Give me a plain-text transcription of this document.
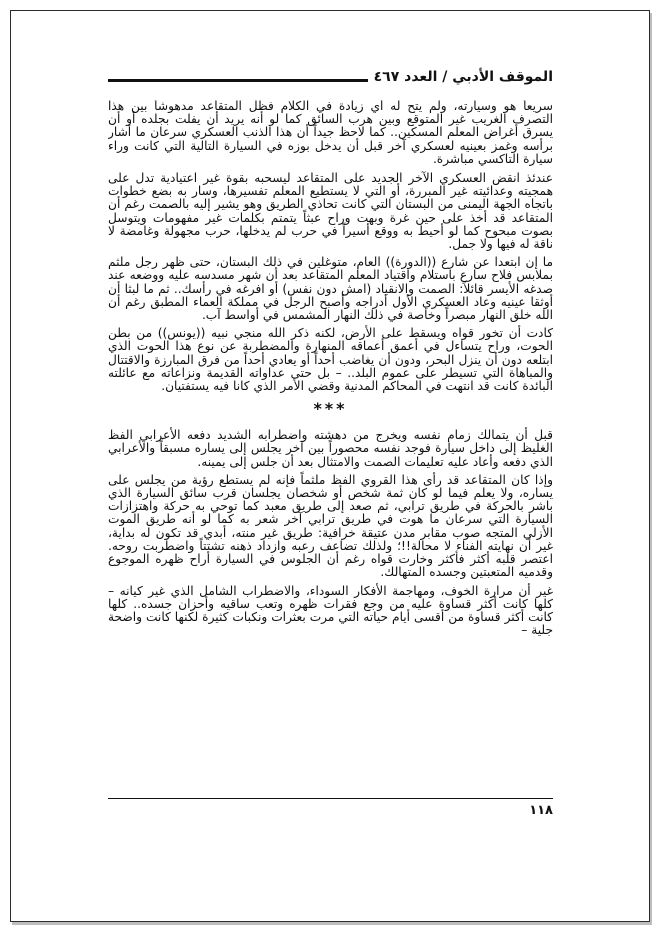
الموقف الأدبي / العدد ٤٦٧

سريعاً هو وسيارته، ولم يتح له أي زيادة في الكلام فظل المتقاعد مدهوشاً بين هذا التصرف الغريب غير المتوقع وبين هرب السائق كما لو أنه يريد أن يفلت بجلده أو أن يسرق أغراض المعلم المسكين.. كما لاحظ جيداً أن هذا الذنب العسكري سرعان ما أشار برأسه وغمز بعينيه لعسكري آخر قبل أن يدخل بوزه في السيارة التالية التي كانت وراء سيارة التاكسي مباشرة.

عندئذ انقض العسكري الآخر الجديد على المتقاعد ليسحبه بقوة غير اعتيادية تدل على همجيته وعدائيته غير المبررة، أو التي لا يستطيع المعلم تفسيرها، وسار به بضع خطوات باتجاه الجهة اليمنى من البستان التي كانت تحاذي الطريق وهو يشير إليه بالصمت رغم أن المتقاعد قد أخذ على حين غرة وبهت وراح عبثاً يتمتم بكلمات غير مفهومات ويتوسل بصوت مبحوح كما لو أحيط به ووقع أسيراً في حرب لم يدخلها، حرب مجهولة وغامضة لا ناقة له فيها ولا جمل.

ما إن ابتعدا عن شارع ((الدورة)) العام، متوغلين في ذلك البستان، حتى ظهر رجل ملثم بملابس فلاح سارع باستلام واقتياد المعلم المتقاعد بعد أن شهر مسدسه عليه ووضعه عند صدغه الأيسر قائلاً: الصمت والانقياد (امش دون نفس) أو افرغه في رأسك.. ثم ما لبثا أن أوثقا عينيه وعاد العسكري الأول أدراجه وأصبح الرجل في مملكة العماء المطبق رغم أن الله خلق النهار مبصراً وخاصة في ذلك النهار المشمس في أواسط آب.

كادت أن تخور قواه ويسقط على الأرض، لكنه ذكر الله منجي نبيه ((يونس)) من بطن الحوت، وراح يتساءل في أعمق أعماقه المنهارة والمضطربة عن نوع هذا الحوت الذي ابتلعه دون أن ينزل البحر، ودون أن يغاضب أحداً أو يعادي أحداً من فرق المبارزة والاقتتال والمباهاة التي تسيطر على عموم البلد.. – بل حتى عداواته القديمة ونزاعاته مع عائلته البائدة كانت قد انتهت في المحاكم المدنية وقضي الأمر الذي كانا فيه يستفتيان.

***

قبل أن يتمالك زمام نفسه ويخرج من دهشته واضطرابه الشديد دفعه الأعرابي الفظ الغليظ إلى داخل سيارة فوجد نفسه محصوراً بين آخر يجلس إلى يساره مسبقاً والأعرابي الذي دفعه وأعاد عليه تعليمات الصمت والامتثال بعد أن جلس إلى يمينه.

وإذا كان المتقاعد قد رأى هذا القروي الفظ ملثماً فإنه لم يستطع رؤية من يجلس على يساره، ولا يعلم فيما لو كان ثمة شخص أو شخصان يجلسان قرب سائق السيارة الذي باشر بالحركة في طريق ترابي، ثم صعد إلى طريق معبد كما توحي به حركة واهتزازات السيارة التي سرعان ما هوت في طريق ترابي آخر شعر به كما لو أنه طريق الموت الأزلي المتجه صوب مقابر مدن عتيقة خرافية: طريق غير منته، أبدي قد تكون له بداية، غير أن نهايته الفناء لا محالة!!؛ ولذلك تضاعف رعبه وازداد ذهنه تشتتاً واضطربت روحه. اعتصر قلبه أكثر فأكثر وخارت قواه رغم أن الجلوس في السيارة أراح ظهره الموجوع وقدميه المتعبتين وجسده المتهالك.

غير أن مرارة الخوف، ومهاجمة الأفكار السوداء، والاضطراب الشامل الذي غير كيانه – كلها كانت أكثر قساوة عليه من وجع فقرات ظهره وتعب ساقيه وأحزان جسده.. كلها كانت أكثر قساوة من أقسى أيام حياته التي مرت بعثرات ونكبات كثيرة لكنها كانت واضحة جلية –

١١٨
